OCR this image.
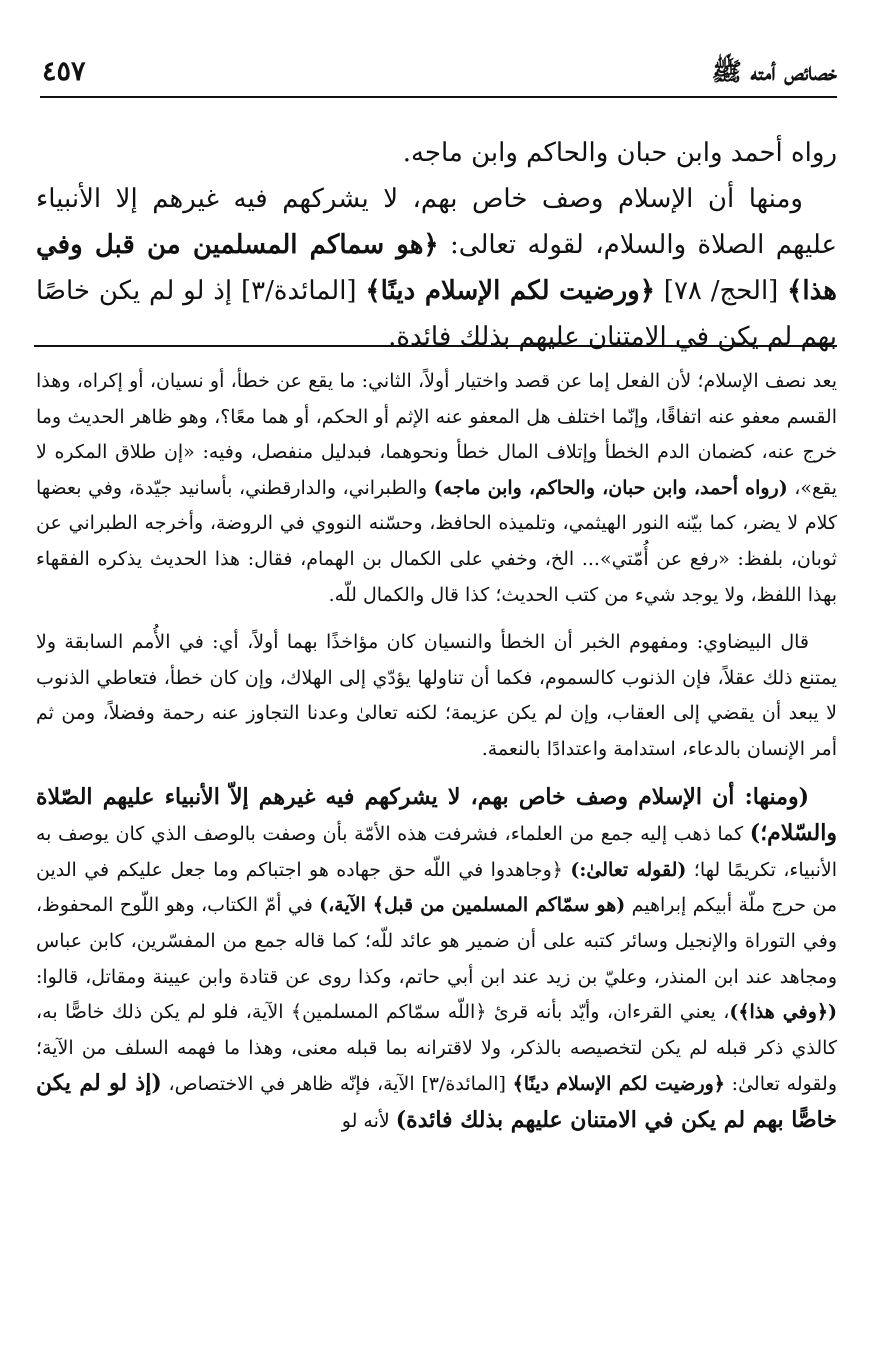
٤٥٧	خصائص أمته ﷺ

رواه أحمد وابن حبان والحاكم وابن ماجه.

ومنها أن الإسلام وصف خاص بهم، لا يشركهم فيه غيرهم إلا الأنبياء عليهم الصلاة والسلام، لقوله تعالى: ﴿هو سماكم المسلمين من قبل وفي هذا﴾ [الحج/ ٧٨] ﴿ورضيت لكم الإسلام دينًا﴾ [المائدة/٣] إذ لو لم يكن خاصًا بهم لم يكن في الامتنان عليهم بذلك فائدة.

يعد نصف الإسلام؛ لأن الفعل إما عن قصد واختيار أولاً، الثاني: ما يقع عن خطأ، أو نسيان، أو إكراه، وهذا القسم معفو عنه اتفاقًا، وإنّما اختلف هل المعفو عنه الإثم أو الحكم، أو هما معًا؟، وهو ظاهر الحديث وما خرج عنه، كضمان الدم الخطأ وإتلاف المال خطأ ونحوهما، فبدليل منفصل، وفيه: «إن طلاق المكره لا يقع»، (رواه أحمد، وابن حبان، والحاكم، وابن ماجه) والطبراني، والدارقطني، بأسانيد جيّدة، وفي بعضها كلام لا يضر، كما بيّنه النور الهيثمي، وتلميذه الحافظ، وحسّنه النووي في الروضة، وأخرجه الطبراني عن ثوبان، بلفظ: «رفع عن أُمّتي»... الخ، وخفي على الكمال بن الهمام، فقال: هذا الحديث يذكره الفقهاء بهذا اللفظ، ولا يوجد شيء من كتب الحديث؛ كذا قال والكمال للّه.

قال البيضاوي: ومفهوم الخبر أن الخطأ والنسيان كان مؤاخذًا بهما أولاً، أي: في الأُمم السابقة ولا يمتنع ذلك عقلاً، فإن الذنوب كالسموم، فكما أن تناولها يؤدّي إلى الهلاك، وإن كان خطأ، فتعاطي الذنوب لا يبعد أن يقضي إلى العقاب، وإن لم يكن عزيمة؛ لكنه تعالىٰ وعدنا التجاوز عنه رحمة وفضلاً، ومن ثم أمر الإنسان بالدعاء، استدامة واعتدادًا بالنعمة.

(ومنها: أن الإسلام وصف خاص بهم، لا يشركهم فيه غيرهم إلاّ الأنبياء عليهم الصّلاة والسّلام؛) كما ذهب إليه جمع من العلماء، فشرفت هذه الأمّة بأن وصفت بالوصف الذي كان يوصف به الأنبياء، تكريمًا لها؛ (لقوله تعالىٰ:) ﴿وجاهدوا في اللّه حق جهاده هو اجتباكم وما جعل عليكم في الدين من حرج ملّة أبيكم إبراهيم (هو سمّاكم المسلمين من قبل﴾ الآية،) في أمّ الكتاب، وهو اللّوح المحفوظ، وفي التوراة والإنجيل وسائر كتبه على أن ضمير هو عائد للّه؛ كما قاله جمع من المفسّرين، كابن عباس ومجاهد عند ابن المنذر، وعليّ بن زيد عند ابن أبي حاتم، وكذا روى عن قتادة وابن عيينة ومقاتل، قالوا: (﴿وفي هذا﴾)، يعني القرءان، وأيّد بأنه قرئ ﴿اللّه سمّاكم المسلمين﴾ الآية، فلو لم يكن ذلك خاصًّا به، كالذي ذكر قبله لم يكن لتخصيصه بالذكر، ولا لاقترانه بما قبله معنى، وهذا ما فهمه السلف من الآية؛ ولقوله تعالىٰ: ﴿ورضيت لكم الإسلام دينًا﴾ [المائدة/٣] الآية، فإنّه ظاهر في الاختصاص، (إذ لو لم يكن خاصًّا بهم لم يكن في الامتنان عليهم بذلك فائدة) لأنه لو
